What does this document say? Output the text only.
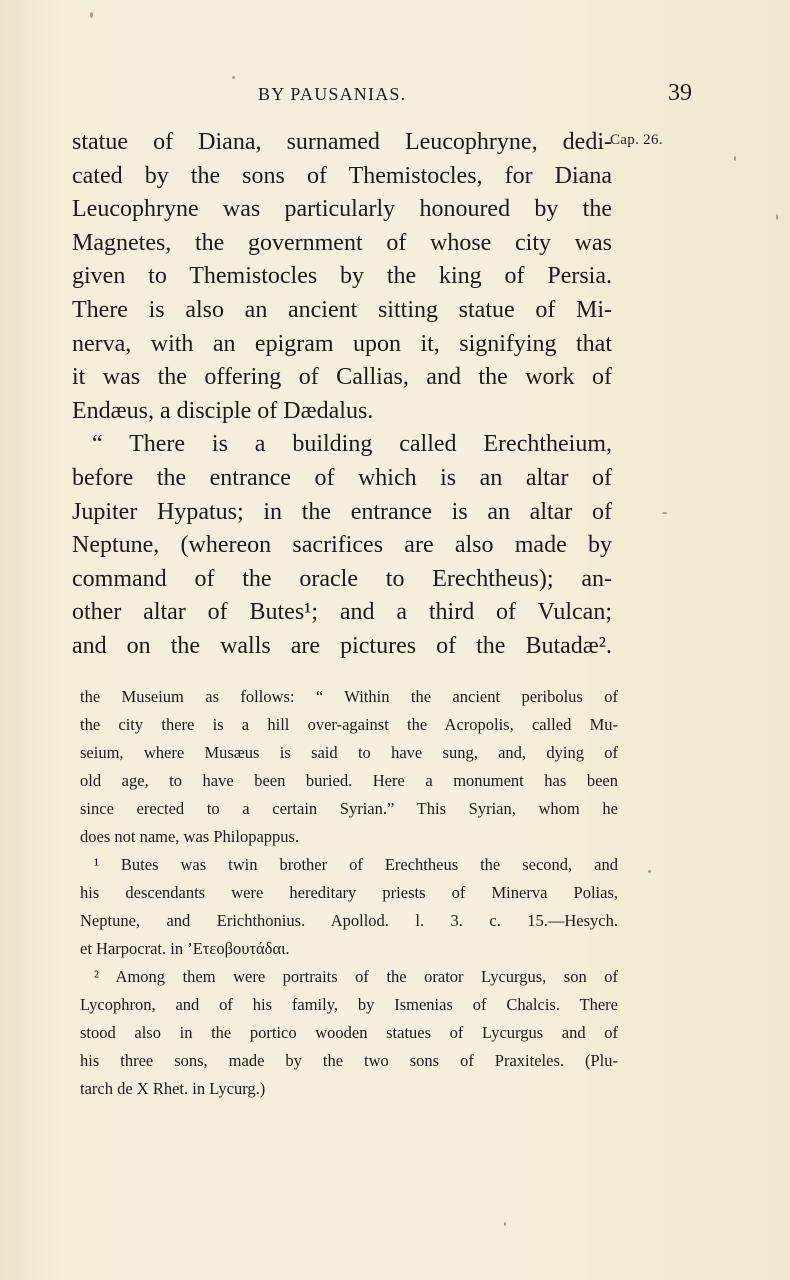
BY PAUSANIAS.	39
Cap. 26.
statue of Diana, surnamed Leucophryne, dedi-
cated by the sons of Themistocles, for Diana
Leucophryne was particularly honoured by the
Magnetes, the government of whose city was
given to Themistocles by the king of Persia.
There is also an ancient sitting statue of Mi-
nerva, with an epigram upon it, signifying that
it was the offering of Callias, and the work of
Endæus, a disciple of Dædalus.
“ There is a building called Erechtheium,
before the entrance of which is an altar of
Jupiter Hypatus; in the entrance is an altar of
Neptune, (whereon sacrifices are also made by
command of the oracle to Erechtheus); an-
other altar of Butes¹; and a third of Vulcan;
and on the walls are pictures of the Butadæ².
the Museium as follows: “ Within the ancient peribolus of
the city there is a hill over-against the Acropolis, called Mu-
seium, where Musæus is said to have sung, and, dying of
old age, to have been buried. Here a monument has been
since erected to a certain Syrian.” This Syrian, whom he
does not name, was Philopappus.
¹ Butes was twin brother of Erechtheus the second, and
his descendants were hereditary priests of Minerva Polias,
Neptune, and Erichthonius. Apollod. l. 3. c. 15.—Hesych.
et Harpocrat. in ’Ετεοβουτάδαι.
² Among them were portraits of the orator Lycurgus, son of
Lycophron, and of his family, by Ismenias of Chalcis. There
stood also in the portico wooden statues of Lycurgus and of
his three sons, made by the two sons of Praxiteles. (Plu-
tarch de X Rhet. in Lycurg.)
